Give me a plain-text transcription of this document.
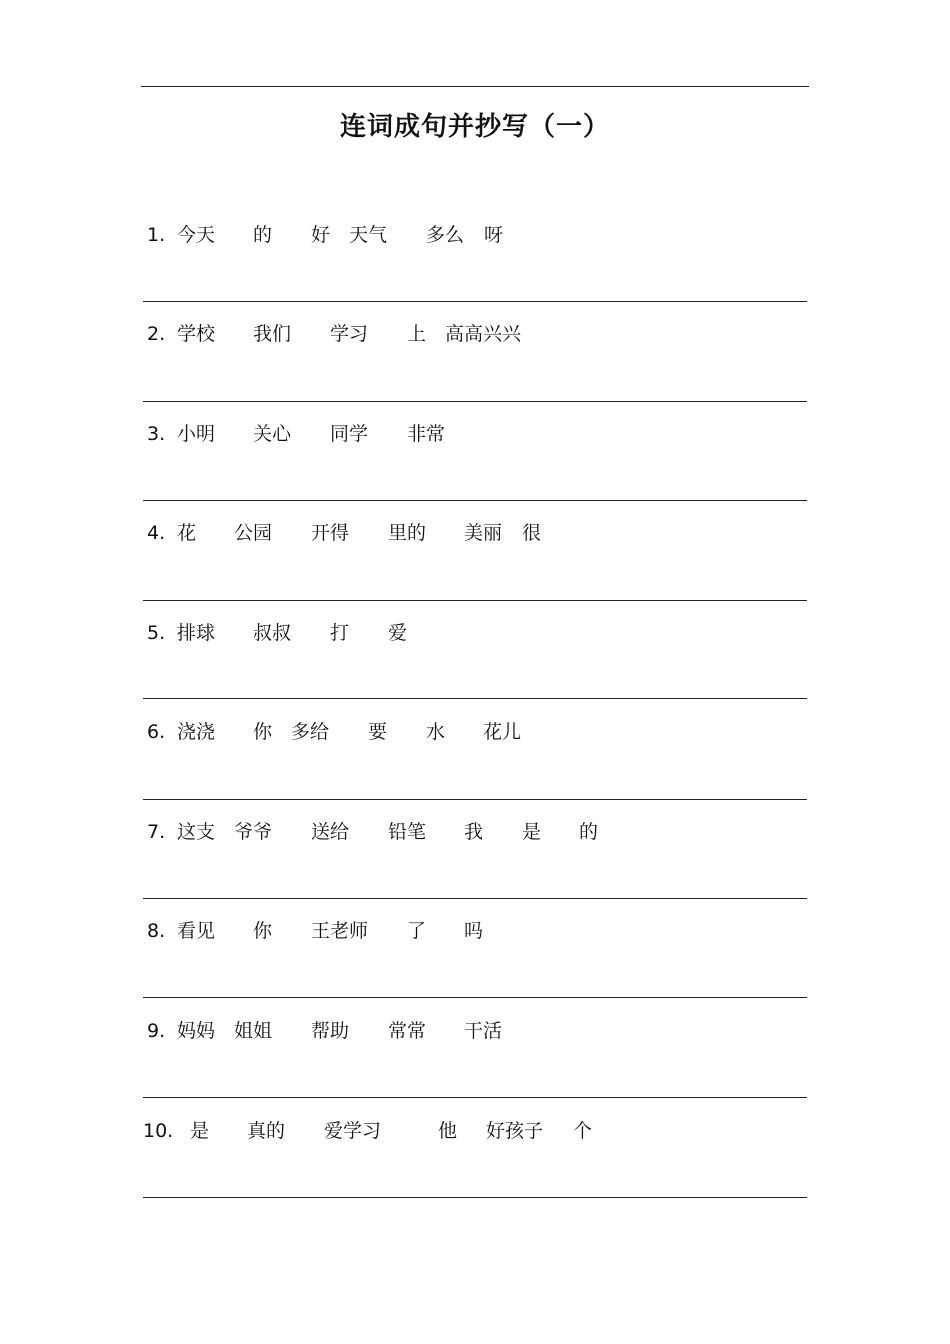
连词成句并抄写（一）
1. 今天 的 好 天气 多么 呀
2. 学校 我们 学习 上 高高兴兴
3. 小明 关心 同学 非常
4. 花 公园 开得 里的 美丽 很
5. 排球 叔叔 打 爱
6. 浇浇 你 多给 要 水 花儿
7. 这支 爷爷 送给 铅笔 我 是 的
8. 看见 你 王老师 了 吗
9. 妈妈 姐姐 帮助 常常 干活
10. 是 真的 爱学习	他 好孩子 个
